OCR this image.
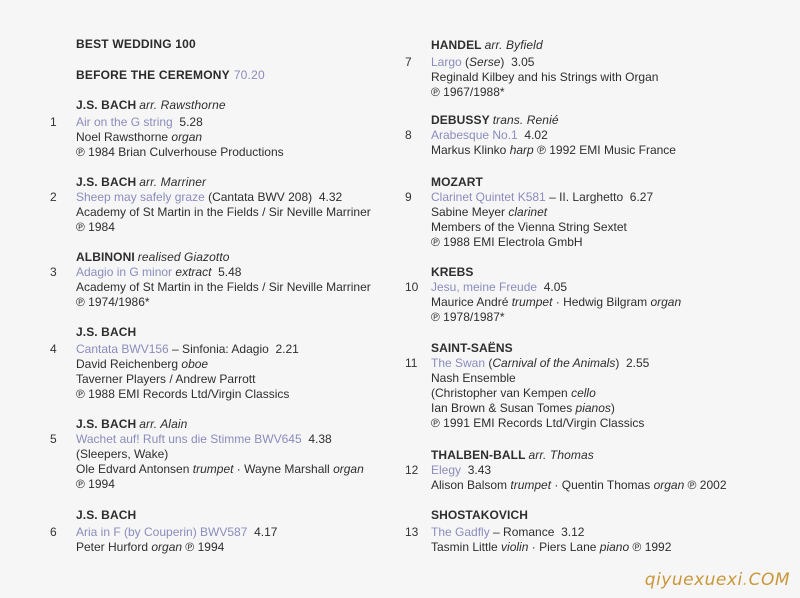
BEST WEDDING 100
BEFORE THE CEREMONY 70.20
J.S. BACH arr. Rawsthorne
1 Air on the G string 5.28
Noel Rawsthorne organ
℗ 1984 Brian Culverhouse Productions
J.S. BACH arr. Marriner
2 Sheep may safely graze (Cantata BWV 208) 4.32
Academy of St Martin in the Fields / Sir Neville Marriner
℗ 1984
ALBINONI realised Giazotto
3 Adagio in G minor extract 5.48
Academy of St Martin in the Fields / Sir Neville Marriner
℗ 1974/1986*
J.S. BACH
4 Cantata BWV156 – Sinfonia: Adagio 2.21
David Reichenberg oboe
Taverner Players / Andrew Parrott
℗ 1988 EMI Records Ltd/Virgin Classics
J.S. BACH arr. Alain
5 Wachet auf! Ruft uns die Stimme BWV645 4.38
(Sleepers, Wake)
Ole Edvard Antonsen trumpet · Wayne Marshall organ
℗ 1994
J.S. BACH
6 Aria in F (by Couperin) BWV587 4.17
Peter Hurford organ ℗ 1994
HANDEL arr. Byfield
7 Largo (Serse)  3.05
Reginald Kilbey and his Strings with Organ
℗ 1967/1988*
DEBUSSY trans. Renié
8 Arabesque No.1 4.02
Markus Klinko harp ℗ 1992 EMI Music France
MOZART
9 Clarinet Quintet K581 – II. Larghetto 6.27
Sabine Meyer clarinet
Members of the Vienna String Sextet
℗ 1988 EMI Electrola GmbH
KREBS
10 Jesu, meine Freude 4.05
Maurice André trumpet · Hedwig Bilgram organ
℗ 1978/1987*
SAINT-SAËNS
11 The Swan (Carnival of the Animals)  2.55
Nash Ensemble
(Christopher van Kempen cello
Ian Brown & Susan Tomes pianos)
℗ 1991 EMI Records Ltd/Virgin Classics
THALBEN-BALL arr. Thomas
12 Elegy 3.43
Alison Balsom trumpet · Quentin Thomas organ ℗ 2002
SHOSTAKOVICH
13 The Gadfly – Romance 3.12
Tasmin Little violin · Piers Lane piano ℗ 1992
qiyuexuexi.COM
